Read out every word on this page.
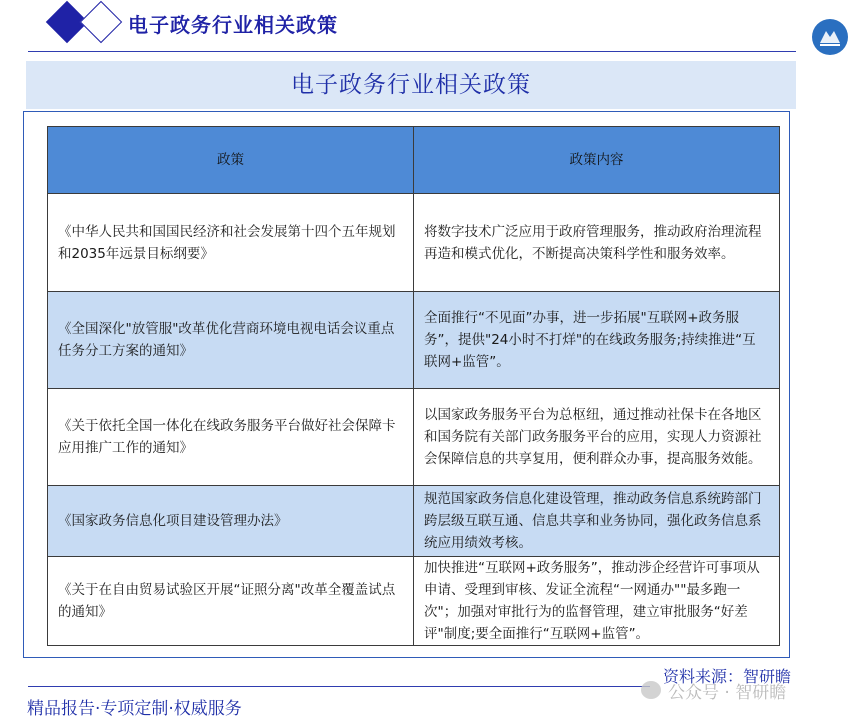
电子政务行业相关政策
电子政务行业相关政策
政策	政策内容
《中华人民共和国国民经济和社会发展第十四个五年规划和2035年远景目标纲要》	将数字技术广泛应用于政府管理服务，推动政府治理流程再造和模式优化，不断提高决策科学性和服务效率。
《全国深化"放管服"改革优化营商环境电视电话会议重点任务分工方案的通知》	全面推行“不见面”办事，进一步拓展"互联网+政务服务”，提供"24小时不打烊"的在线政务服务;持续推进“互联网+监管”。
《关于依托全国一体化在线政务服务平台做好社会保障卡应用推广工作的通知》	以国家政务服务平台为总枢纽，通过推动社保卡在各地区和国务院有关部门政务服务平台的应用，实现人力资源社会保障信息的共享复用，便利群众办事，提高服务效能。
《国家政务信息化项目建设管理办法》	规范国家政务信息化建设管理，推动政务信息系统跨部门跨层级互联互通、信息共享和业务协同，强化政务信息系统应用绩效考核。
《关于在自由贸易试验区开展“证照分离"改革全覆盖试点的通知》	加快推进“互联网+政务服务”，推动涉企经营许可事项从申请、受理到审核、发证全流程“一网通办""最多跑一次"；加强对审批行为的监督管理，建立审批服务“好差评"制度;要全面推行“互联网+监管”。
资料来源：智研瞻
精品报告·专项定制·权威服务
公众号 · 智研瞻
